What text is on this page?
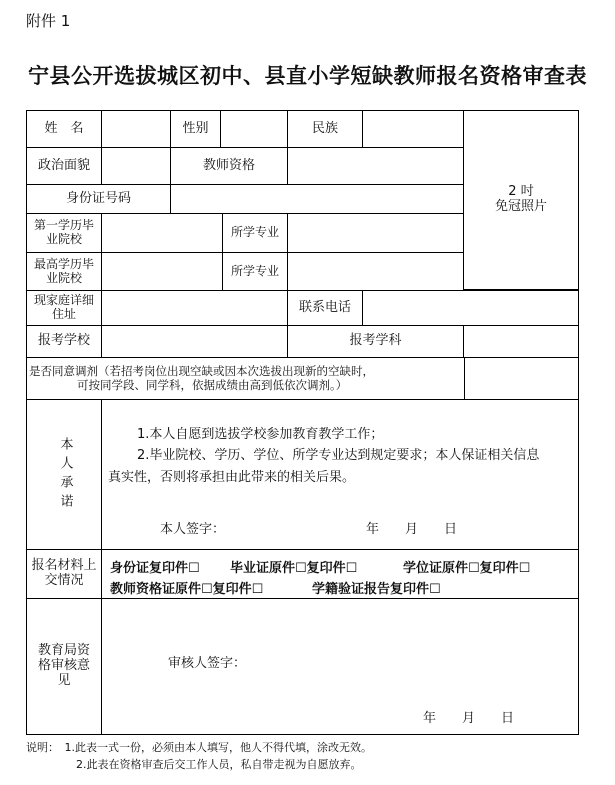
附件 1
宁县公开选拔城区初中、县直小学短缺教师报名资格审查表
姓　名	性别	民族
2 吋
免冠照片
政治面貌	教师资格
身份证号码
第一学历毕业院校	所学专业
最高学历毕业院校	所学专业
现家庭详细住址	联系电话
报考学校	报考学科
是否同意调剂（若招考岗位出现空缺或因本次选拔出现新的空缺时，
可按同学段、同学科，依据成绩由高到低依次调剂。）
本人承诺

1.本人自愿到选拔学校参加教育教学工作；

2.毕业院校、学历、学位、所学专业达到规定要求；本人保证相关信息真实性，否则将承担由此带来的相关后果。

本人签字：	年　　月　　日

报名材料上交情况
身份证复印件☐ 毕业证原件☐复印件☐	学位证原件☐复印件☐
教师资格证原件☐复印件☐	学籍验证报告复印件☐
教育局资格审核意见
审核人签字：
年　　月　　日
说明：　1.此表一式一份，必须由本人填写，他人不得代填，涂改无效。
2.此表在资格审查后交工作人员，私自带走视为自愿放弃。
